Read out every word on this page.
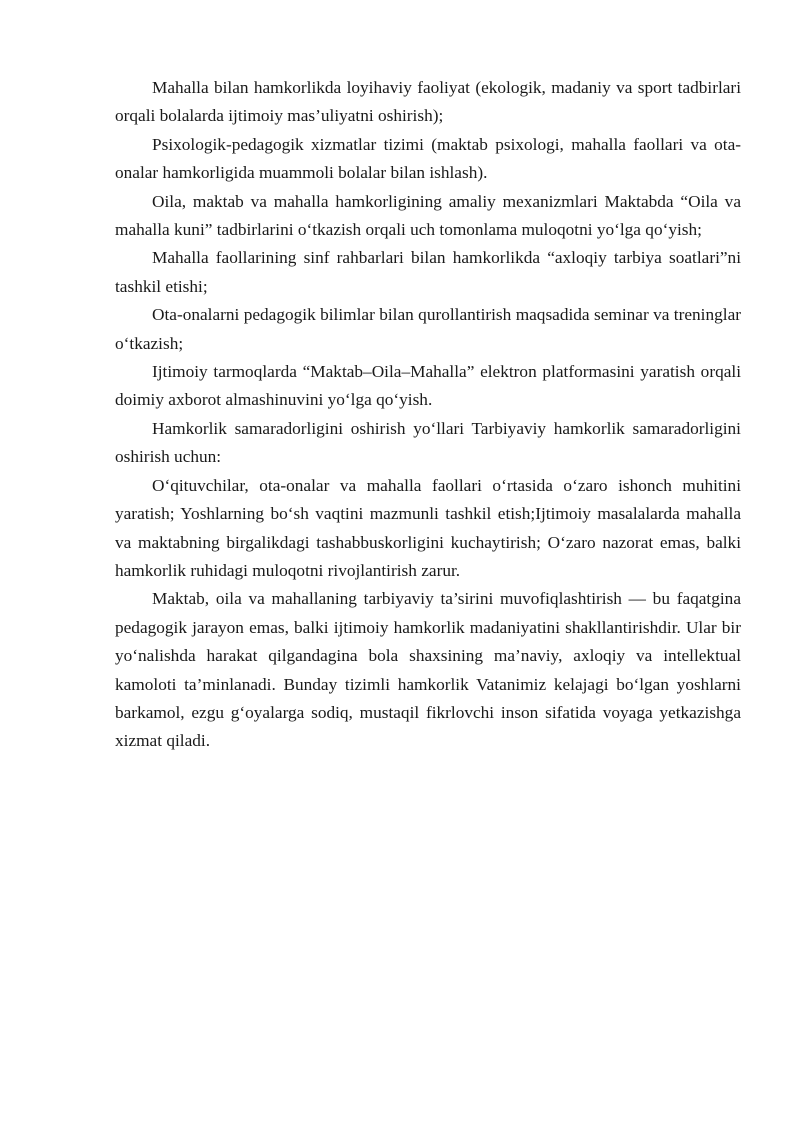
Mahalla bilan hamkorlikda loyihaviy faoliyat (ekologik, madaniy va sport tadbirlari orqali bolalarda ijtimoiy mas’uliyatni oshirish);

Psixologik-pedagogik xizmatlar tizimi (maktab psixologi, mahalla faollari va ota-onalar hamkorligida muammoli bolalar bilan ishlash).

Oila, maktab va mahalla hamkorligining amaliy mexanizmlari Maktabda “Oila va mahalla kuni” tadbirlarini o‘tkazish orqali uch tomonlama muloqotni yo‘lga qo‘yish;

Mahalla faollarining sinf rahbarlari bilan hamkorlikda “axloqiy tarbiya soatlari”ni tashkil etishi;

Ota-onalarni pedagogik bilimlar bilan qurollantirish maqsadida seminar va treninglar o‘tkazish;

Ijtimoiy tarmoqlarda “Maktab–Oila–Mahalla” elektron platformasini yaratish orqali doimiy axborot almashinuvini yo‘lga qo‘yish.

Hamkorlik samaradorligini oshirish yo‘llari Tarbiyaviy hamkorlik samaradorligini oshirish uchun:

O‘qituvchilar, ota-onalar va mahalla faollari o‘rtasida o‘zaro ishonch muhitini yaratish; Yoshlarning bo‘sh vaqtini mazmunli tashkil etish;Ijtimoiy masalalarda mahalla va maktabning birgalikdagi tashabbuskorligini kuchaytirish; O‘zaro nazorat emas, balki hamkorlik ruhidagi muloqotni rivojlantirish zarur.

Maktab, oila va mahallaning tarbiyaviy ta’sirini muvofiqlashtirish — bu faqatgina pedagogik jarayon emas, balki ijtimoiy hamkorlik madaniyatini shakllantirishdir. Ular bir yo‘nalishda harakat qilgandagina bola shaxsining ma’naviy, axloqiy va intellektual kamoloti ta’minlanadi. Bunday tizimli hamkorlik Vatanimiz kelajagi bo‘lgan yoshlarni barkamol, ezgu g‘oyalarga sodiq, mustaqil fikrlovchi inson sifatida voyaga yetkazishga xizmat qiladi.
